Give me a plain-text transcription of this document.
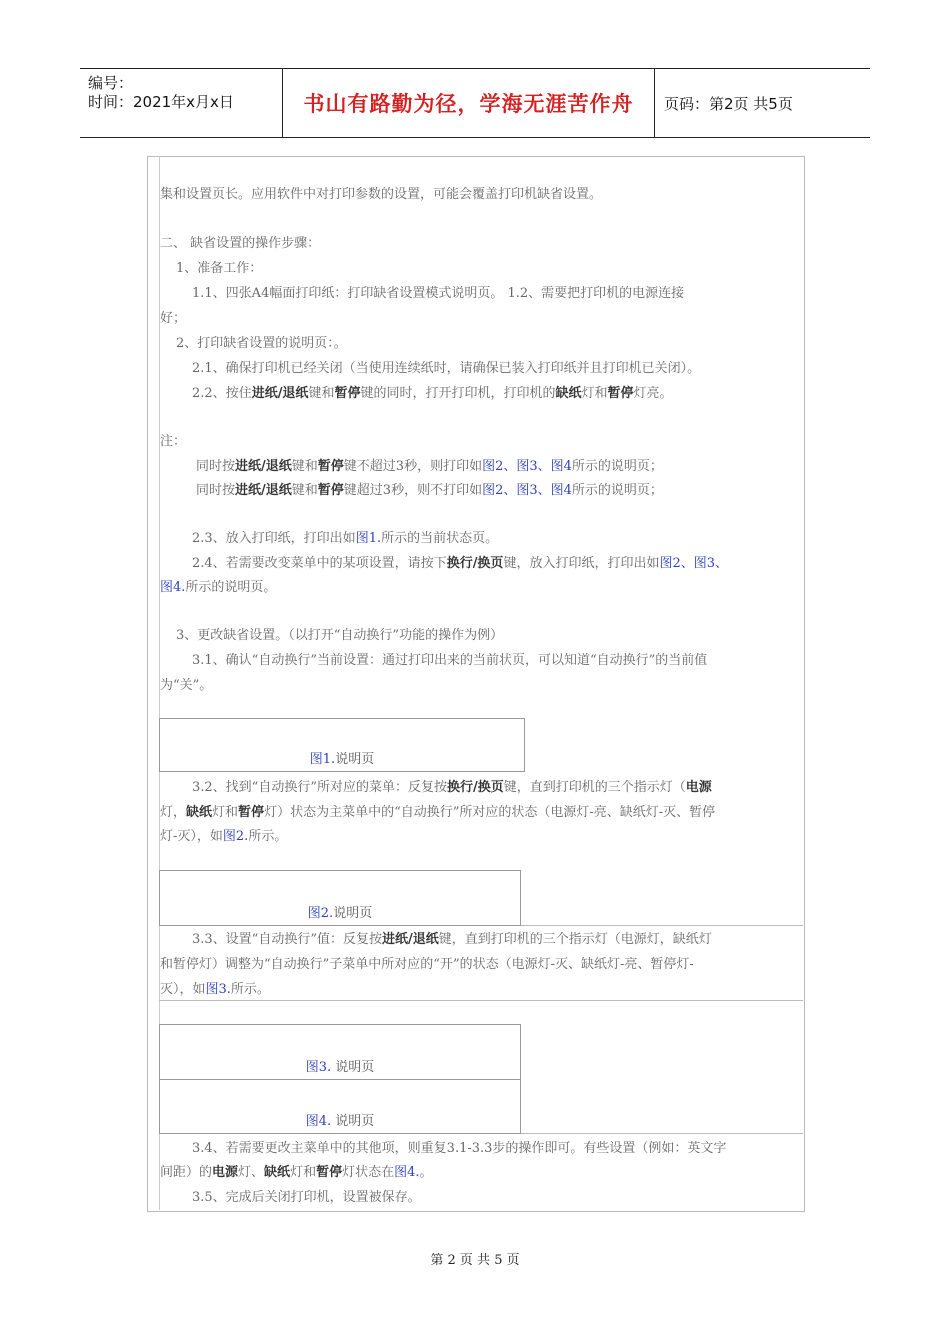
编号：
时间：2021年x月x日	书山有路勤为径，学海无涯苦作舟	页码：第2页 共5页
集和设置页长。应用软件中对打印参数的设置，可能会覆盖打印机缺省设置。
二、 缺省设置的操作步骤：
1、准备工作：
1.1、四张A4幅面打印纸：打印缺省设置模式说明页。 1.2、需要把打印机的电源连接
好；
2、打印缺省设置的说明页：。
2.1、确保打印机已经关闭（当使用连续纸时，请确保已装入打印纸并且打印机已关闭）。
2.2、按住进纸/退纸键和暂停键的同时，打开打印机，打印机的缺纸灯和暂停灯亮。
注：
同时按进纸/退纸键和暂停键不超过3秒，则打印如图2、图3、图4所示的说明页；
同时按进纸/退纸键和暂停键超过3秒，则不打印如图2、图3、图4所示的说明页；
2.3、放入打印纸，打印出如图1.所示的当前状态页。
2.4、若需要改变菜单中的某项设置，请按下换行/换页键，放入打印纸，打印出如图2、图3、
图4.所示的说明页。
3、更改缺省设置。（以打开“自动换行”功能的操作为例）
3.1、确认“自动换行”当前设置：通过打印出来的当前状页，可以知道“自动换行”的当前值
为“关”。
图1.说明页
3.2、找到“自动换行”所对应的菜单：反复按换行/换页键，直到打印机的三个指示灯（电源
灯，缺纸灯和暂停灯）状态为主菜单中的“自动换行”所对应的状态（电源灯-亮、缺纸灯-灭、暂停
灯-灭），如图2.所示。
图2.说明页
3.3、设置“自动换行”值：反复按进纸/退纸键，直到打印机的三个指示灯（电源灯，缺纸灯
和暂停灯）调整为“自动换行”子菜单中所对应的“开”的状态（电源灯-灭、缺纸灯-亮、暂停灯-
灭），如图3.所示。
图3. 说明页
图4. 说明页
3.4、若需要更改主菜单中的其他项，则重复3.1-3.3步的操作即可。有些设置（例如：英文字
间距）的电源灯、缺纸灯和暂停灯状态在图4.。
3.5、完成后关闭打印机，设置被保存。
第 2 页 共 5 页
